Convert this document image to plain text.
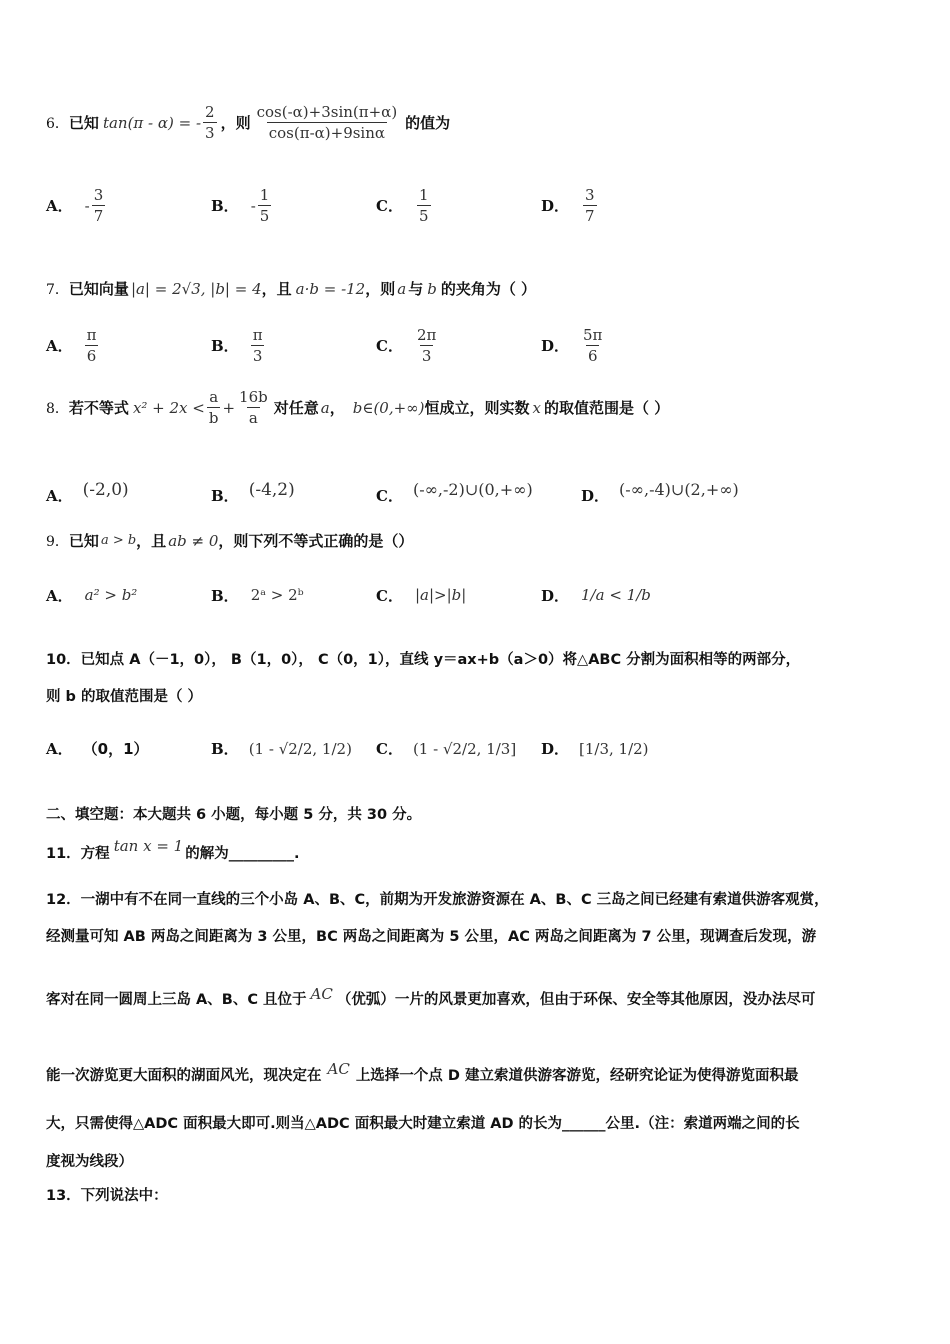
6． 已知 tan(π - α) = - $\frac{2}{3}$ ，则 $\frac{\cos(-\alpha)+3\sin(\pi+\alpha)}{\cos(\pi-\alpha)+9\sin\alpha}$ 的值为
A． - $\frac{3}{7}$	B． - $\frac{1}{5}$	C． $\frac{1}{5}$	D． $\frac{3}{7}$
7． 已知向量 |a| = 2√3, |b| = 4 ，且 a·b = -12 ，则 a 与 b 的夹角为（ ）
A． $\frac{\pi}{6}$	B． $\frac{\pi}{3}$	C． $\frac{2\pi}{3}$	D． $\frac{5\pi}{6}$
8． 若不等式 $x^2 + 2x < \frac{a}{b} + \frac{16b}{a}$ 对任意 a ， b∈(0,+∞) 恒成立，则实数 x 的取值范围是（ ）
A． (-2,0)	B． (-4,2)	C． (-∞,-2)∪(0,+∞)	D． (-∞,-4)∪(2,+∞)
9． 已知 a > b ，且 ab ≠ 0 ，则下列不等式正确的是（）
A． a² > b²	B． 2ᵃ > 2ᵇ	C． |a|>|b|	D． 1/a < 1/b
10．已知点 A（－1，0）， B（1，0）， C（0，1），直线 y＝ax+b（a＞0）将△ABC 分割为面积相等的两部分，
则 b 的取值范围是（ ）
A． （0，1）	B． (1 - √2/2, 1/2) C． (1 - √2/2, 1/3] D． [1/3, 1/2)
二、填空题：本大题共 6 小题，每小题 5 分，共 30 分。
11．方程 tan x = 1 的解为_________.
12．一湖中有不在同一直线的三个小岛 A、B、C，前期为开发旅游资源在 A、B、C 三岛之间已经建有索道供游客观赏，
经测量可知 AB 两岛之间距离为 3 公里，BC 两岛之间距离为 5 公里，AC 两岛之间距离为 7 公里，现调查后发现，游
客对在同一圆周上三岛 A、B、C 且位于 AC （优弧）一片的风景更加喜欢，但由于环保、安全等其他原因，没办法尽可
能一次游览更大面积的湖面风光，现决定在 AC 上选择一个点 D 建立索道供游客游览，经研究论证为使得游览面积最
大，只需使得△ADC 面积最大即可.则当△ADC 面积最大时建立索道 AD 的长为______公里.（注：索道两端之间的长
度视为线段）
13．下列说法中：
